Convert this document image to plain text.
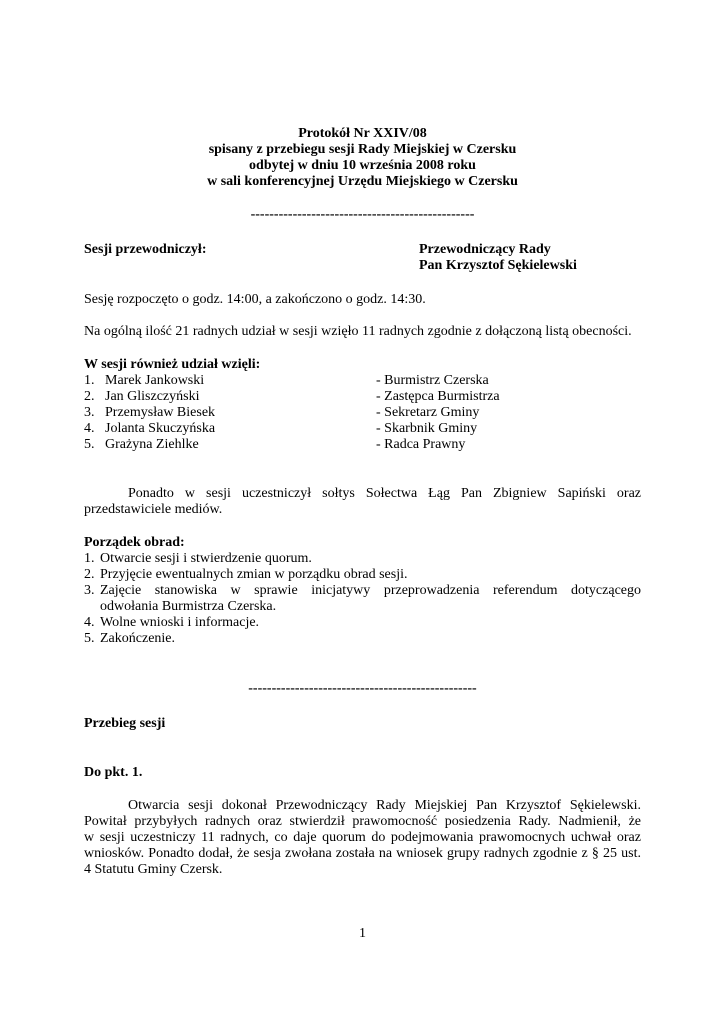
Protokół Nr XXIV/08
spisany z przebiegu sesji Rady Miejskiej w Czersku
odbytej w dniu 10 września 2008 roku
w sali konferencyjnej Urzędu Miejskiego w Czersku
------------------------------------------------
Sesji przewodniczył:	Przewodniczący Rady
Pan Krzysztof Sękielewski
Sesję rozpoczęto o godz. 14:00, a zakończono o godz. 14:30.
Na ogólną ilość 21 radnych udział w sesji wzięło 11 radnych zgodnie z dołączoną listą obecności.
W sesji również udział wzięli:
1. Marek Jankowski	- Burmistrz Czerska
2. Jan Gliszczyński	- Zastępca Burmistrza
3. Przemysław Biesek	- Sekretarz Gminy
4. Jolanta Skuczyńska	- Skarbnik Gminy
5. Grażyna Ziehlke	- Radca Prawny
Ponadto w sesji uczestniczył sołtys Sołectwa Łąg Pan Zbigniew Sapiński oraz
przedstawiciele mediów.
Porządek obrad:
1. Otwarcie sesji i stwierdzenie quorum.
2. Przyjęcie ewentualnych zmian w porządku obrad sesji.
3. Zajęcie stanowiska w sprawie inicjatywy przeprowadzenia referendum dotyczącego
odwołania Burmistrza Czerska.
4. Wolne wnioski i informacje.
5. Zakończenie.
-------------------------------------------------
Przebieg sesji
Do pkt. 1.
Otwarcia sesji dokonał Przewodniczący Rady Miejskiej Pan Krzysztof Sękielewski.
Powitał przybyłych radnych oraz stwierdził prawomocność posiedzenia Rady. Nadmienił, że
w sesji uczestniczy 11 radnych, co daje quorum do podejmowania prawomocnych uchwał oraz
wniosków. Ponadto dodał, że sesja zwołana została na wniosek grupy radnych zgodnie z § 25 ust.
4 Statutu Gminy Czersk.
1
